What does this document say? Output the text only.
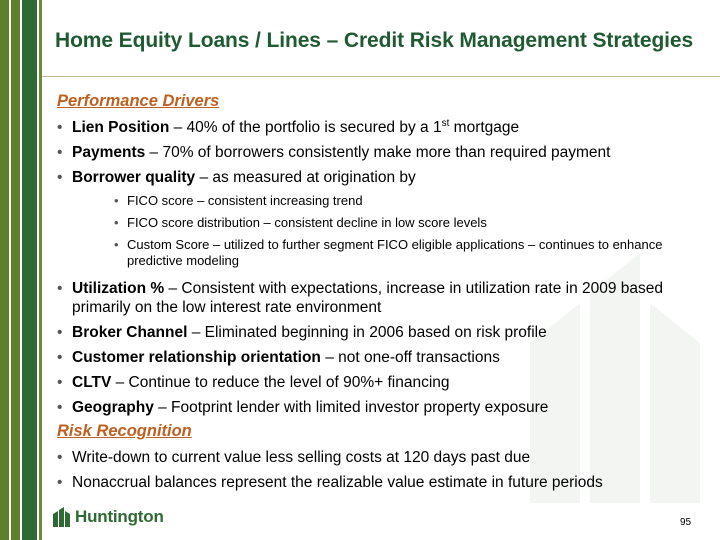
Home Equity Loans / Lines – Credit Risk Management Strategies
Performance Drivers
• Lien Position – 40% of the portfolio is secured by a 1st mortgage
• Payments – 70% of borrowers consistently make more than required payment
• Borrower quality – as measured at origination by
• FICO score – consistent increasing trend
• FICO score distribution – consistent decline in low score levels
• Custom Score – utilized to further segment FICO eligible applications – continues to enhance predictive modeling
• Utilization % – Consistent with expectations, increase in utilization rate in 2009 based primarily on the low interest rate environment
• Broker Channel – Eliminated beginning in 2006 based on risk profile
• Customer relationship orientation – not one-off transactions
• CLTV – Continue to reduce the level of 90%+ financing
• Geography – Footprint lender with limited investor property exposure
Risk Recognition
• Write-down to current value less selling costs at 120 days past due
• Nonaccrual balances represent the realizable value estimate in future periods
Huntington	95
